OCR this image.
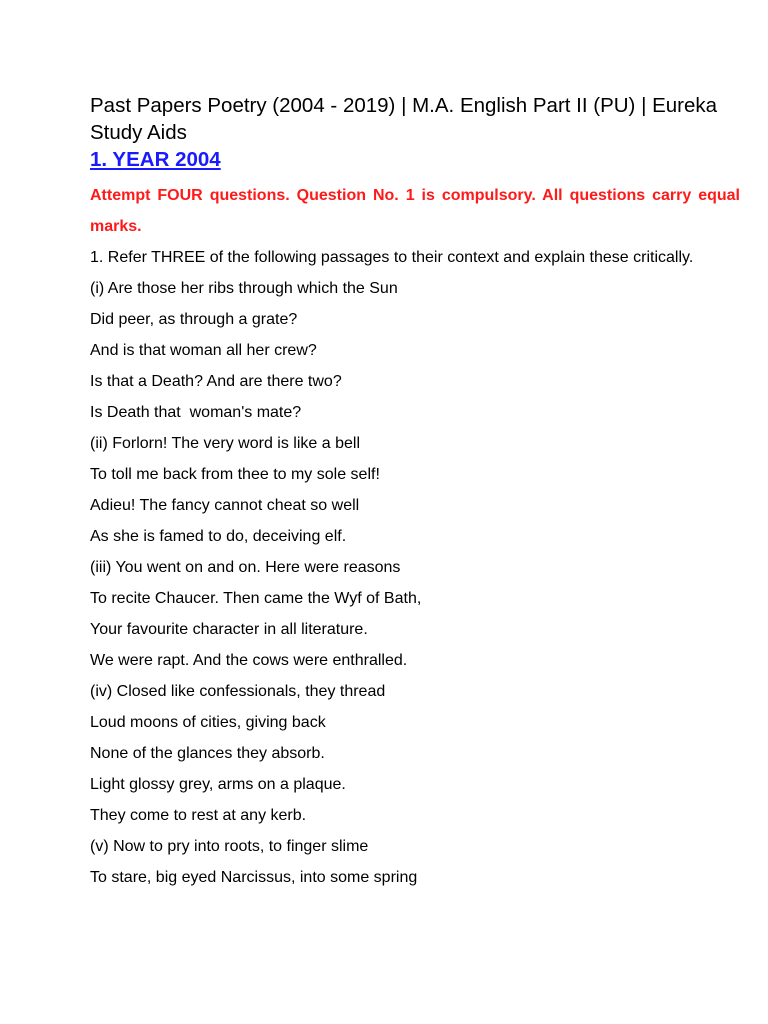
Past Papers Poetry (2004 - 2019) | M.A. English Part II (PU) | Eureka Study Aids
1. YEAR 2004

Attempt FOUR questions. Question No. 1 is compulsory. All questions carry equal marks.

1. Refer THREE of the following passages to their context and explain these critically.

(i) Are those her ribs through which the Sun
Did peer, as through a grate?
And is that woman all her crew?
Is that a Death? And are there two?
Is Death that  woman's mate?
(ii) Forlorn! The very word is like a bell
To toll me back from thee to my sole self!
Adieu! The fancy cannot cheat so well
As she is famed to do, deceiving elf.
(iii) You went on and on. Here were reasons
To recite Chaucer. Then came the Wyf of Bath,
Your favourite character in all literature.
We were rapt. And the cows were enthralled.
(iv) Closed like confessionals, they thread
Loud moons of cities, giving back
None of the glances they absorb.
Light glossy grey, arms on a plaque.
They come to rest at any kerb.
(v) Now to pry into roots, to finger slime
To stare, big eyed Narcissus, into some spring
